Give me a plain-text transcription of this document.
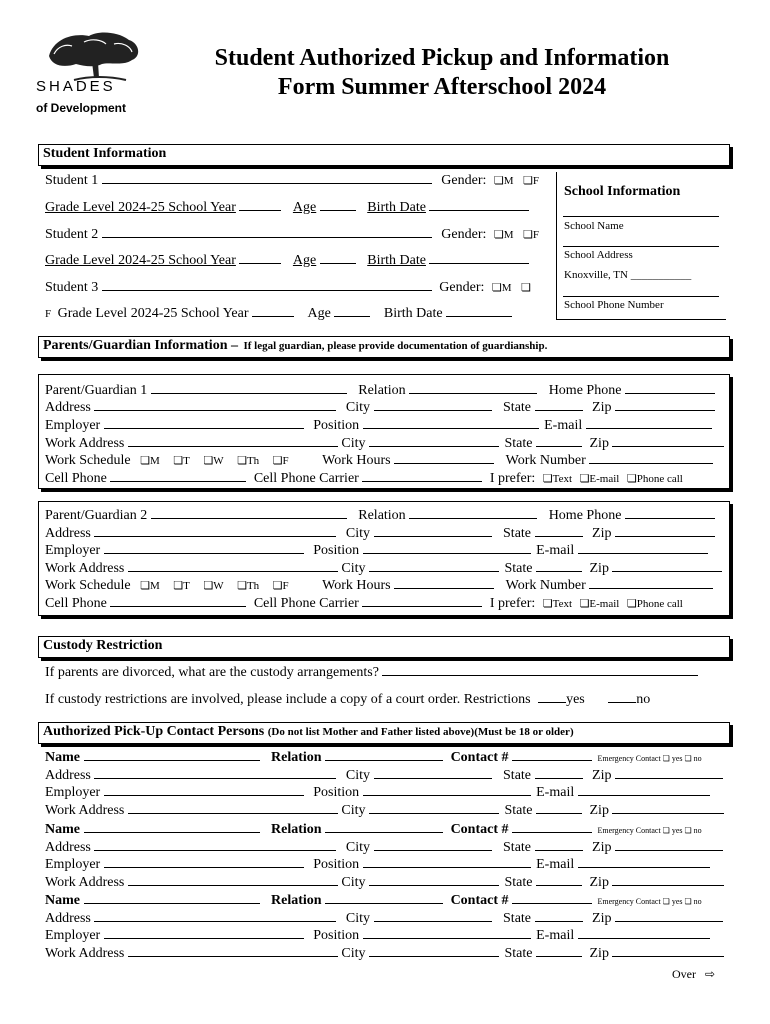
SHADES
of Development
Student Authorized Pickup and Information
Form Summer Afterschool 2024
Student Information
Student 1	Gender: ❏M ❏F
Grade Level 2024-25 School Year	Age	Birth Date
Student 2	Gender: ❏M ❏F
Grade Level 2024-25 School Year	Age	Birth Date
Student 3	Gender: ❏M ❏
F Grade Level 2024-25 School Year	Age	Birth Date
School Information
School Name
School Address
Knoxville, TN ___________
School Phone Number
Parents/Guardian Information – If legal guardian, please provide documentation of guardianship.
Parent/Guardian 1	Relation	Home Phone
Address	City	State	Zip
Employer	Position	E-mail
Work Address	City	State	Zip
Work Schedule ❏M ❏T ❏W ❏Th ❏F Work Hours	Work Number
Cell Phone	Cell Phone Carrier	I prefer: ❏Text ❏E-mail ❏Phone call
Parent/Guardian 2	Relation	Home Phone
Address	City	State	Zip
Employer	Position	E-mail
Work Address	City	State	Zip
Work Schedule ❏M ❏T ❏W ❏Th ❏F Work Hours	Work Number
Cell Phone	Cell Phone Carrier	I prefer: ❏Text ❏E-mail ❏Phone call
Custody Restriction
If parents are divorced, what are the custody arrangements?
If custody restrictions are involved, please include a copy of a court order. Restrictions	yes	no
Authorized Pick-Up Contact Persons (Do not list Mother and Father listed above)(Must be 18 or older)
Name	Relation	Contact #	Emergency Contact ❏ yes ❏ no
Address	City	State	Zip
Employer	Position	E-mail
Work Address	City	State	Zip
Name	Relation	Contact #	Emergency Contact ❏ yes ❏ no
Address	City	State	Zip
Employer	Position	E-mail
Work Address	City	State	Zip
Name	Relation	Contact #	Emergency Contact ❏ yes ❏ no
Address	City	State	Zip
Employer	Position	E-mail
Work Address	City	State	Zip
Over ⇨
